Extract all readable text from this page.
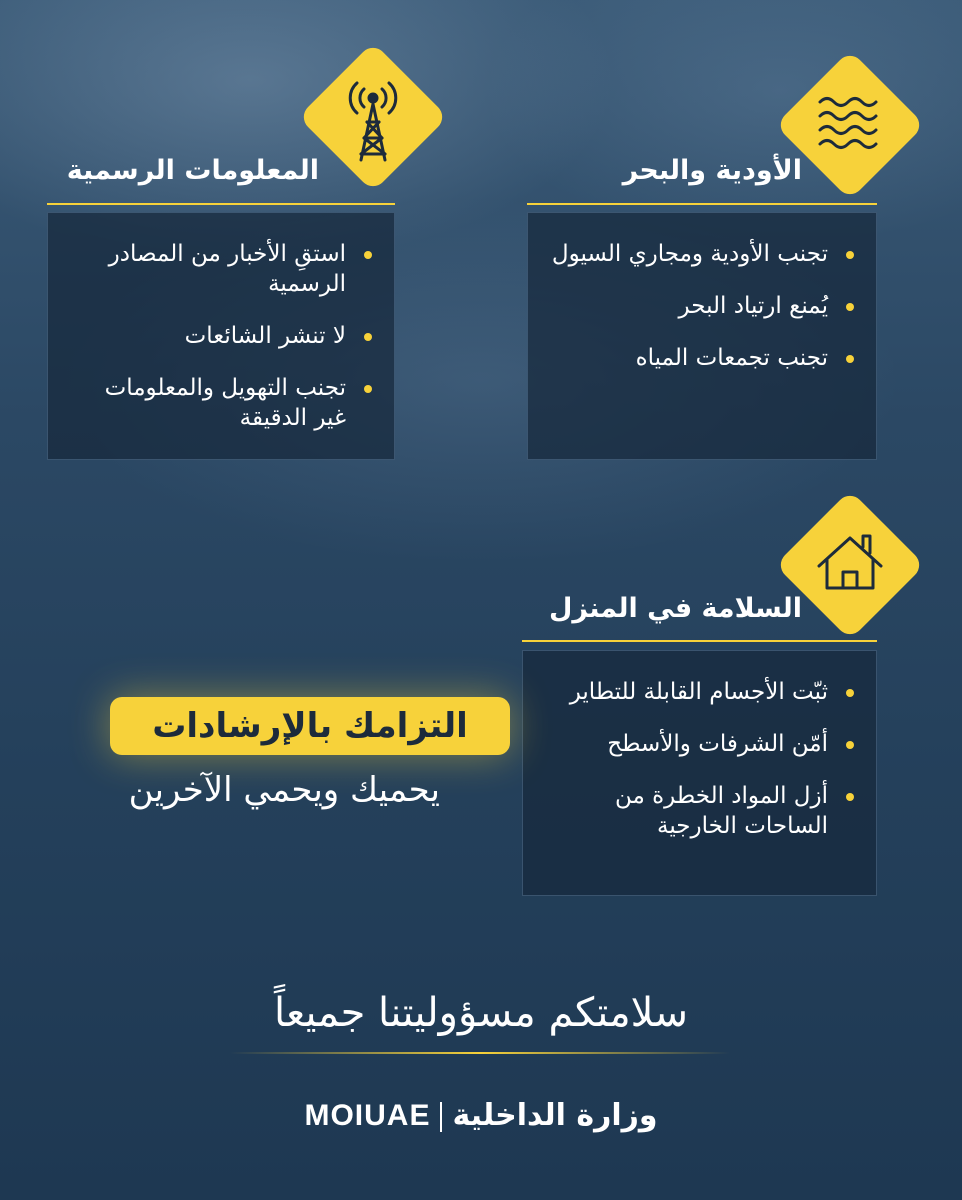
الأودية والبحر
تجنب الأودية ومجاري السيول
يُمنع ارتياد البحر
تجنب تجمعات المياه
المعلومات الرسمية
استقِ الأخبار من المصادر الرسمية
لا تنشر الشائعات
تجنب التهويل والمعلومات غير الدقيقة
السلامة في المنزل
ثبّت الأجسام القابلة للتطاير
أمّن الشرفات والأسطح
أزل المواد الخطرة من الساحات الخارجية
التزامك بالإرشادات
يحميك ويحمي الآخرين
سلامتكم مسؤوليتنا جميعاً
MOIUAE وزارة الداخلية
